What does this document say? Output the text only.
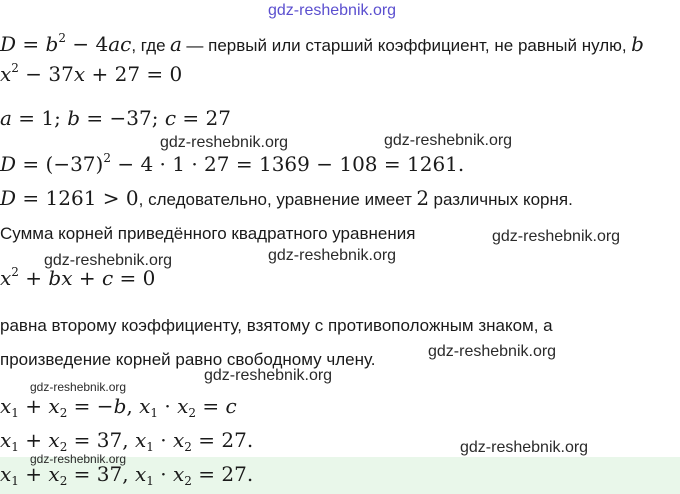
gdz-reshebnik.org
$D = b^2 - 4ac$, где a — первый или старший коэффициент, не равный нулю, b
$x^2 - 37x + 27 = 0$
a = 1; b = −37; c = 27
gdz-reshebnik.org	gdz-reshebnik.org
$D = (-37)^2 - 4 \cdot 1 \cdot 27 = 1369 - 108 = 1261$.
D = 1261 > 0, следовательно, уравнение имеет 2 различных корня.
Сумма корней приведённого квадратного уравнения	gdz-reshebnik.org
gdz-reshebnik.org	gdz-reshebnik.org
$x^2$ + bx + c = 0
равна второму коэффициенту, взятому с противоположным знаком, а
произведение корней равно свободному члену.	gdz-reshebnik.org
gdz-reshebnik.org
gdz-reshebnik.org
$x_1 + x_2 = -b$, $x_1 \cdot x_2 = c$
$x_1 + x_2 = 37$, $x_1 \cdot x_2 = 27$.
gdz-reshebnik.org
gdz-reshebnik.org
$x_1 + x_2 = 37$, $x_1 \cdot x_2 = 27$.
